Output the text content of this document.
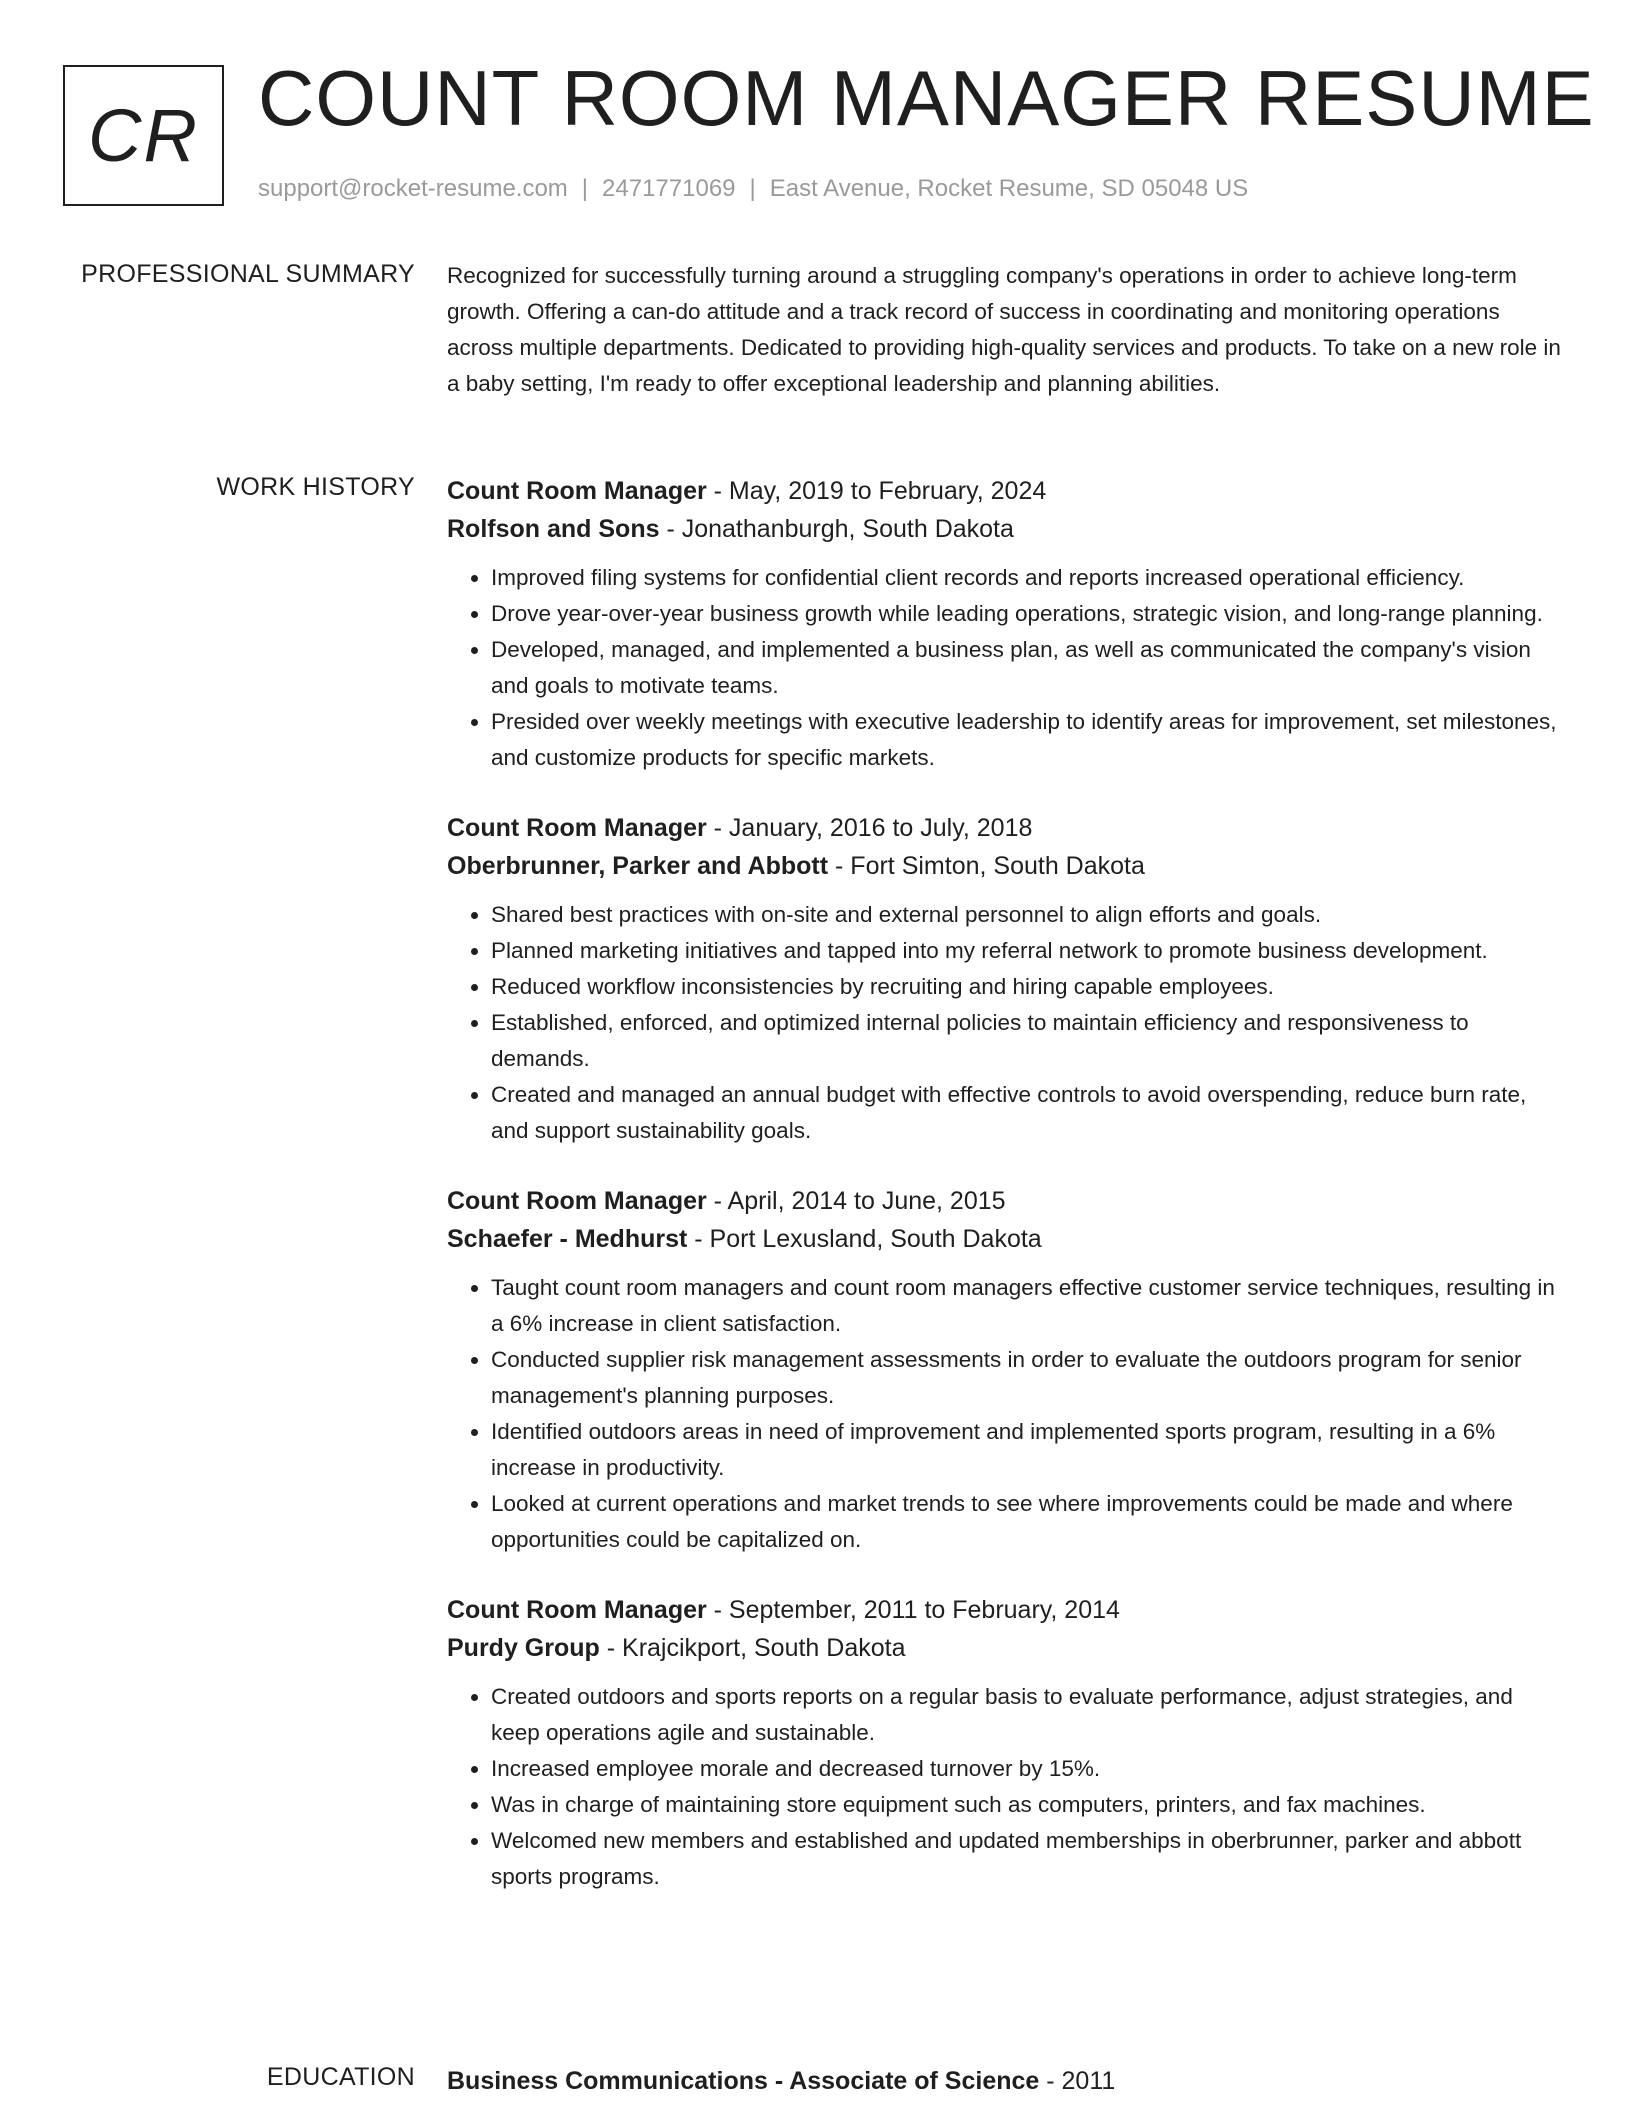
CR COUNT ROOM MANAGER RESUME
support@rocket-resume.com | 2471771069 | East Avenue, Rocket Resume, SD 05048 US
PROFESSIONAL SUMMARY Recognized for successfully turning around a struggling company's operations in order to achieve long-term growth. Offering a can-do attitude and a track record of success in coordinating and monitoring operations across multiple departments. Dedicated to providing high-quality services and products. To take on a new role in a baby setting, I'm ready to offer exceptional leadership and planning abilities.

WORK HISTORY Count Room Manager - May, 2019 to February, 2024
Rolfson and Sons - Jonathanburgh, South Dakota
• Improved filing systems for confidential client records and reports increased operational efficiency.
• Drove year-over-year business growth while leading operations, strategic vision, and long-range planning.
• Developed, managed, and implemented a business plan, as well as communicated the company's vision and goals to motivate teams.
• Presided over weekly meetings with executive leadership to identify areas for improvement, set milestones, and customize products for specific markets.
Count Room Manager - January, 2016 to July, 2018
Oberbrunner, Parker and Abbott - Fort Simton, South Dakota
• Shared best practices with on-site and external personnel to align efforts and goals.
• Planned marketing initiatives and tapped into my referral network to promote business development.
• Reduced workflow inconsistencies by recruiting and hiring capable employees.
• Established, enforced, and optimized internal policies to maintain efficiency and responsiveness to demands.
• Created and managed an annual budget with effective controls to avoid overspending, reduce burn rate, and support sustainability goals.
Count Room Manager - April, 2014 to June, 2015
Schaefer - Medhurst - Port Lexusland, South Dakota
• Taught count room managers and count room managers effective customer service techniques, resulting in a 6% increase in client satisfaction.
• Conducted supplier risk management assessments in order to evaluate the outdoors program for senior management's planning purposes.
• Identified outdoors areas in need of improvement and implemented sports program, resulting in a 6% increase in productivity.
• Looked at current operations and market trends to see where improvements could be made and where opportunities could be capitalized on.
Count Room Manager - September, 2011 to February, 2014
Purdy Group - Krajcikport, South Dakota
• Created outdoors and sports reports on a regular basis to evaluate performance, adjust strategies, and keep operations agile and sustainable.
• Increased employee morale and decreased turnover by 15%.
• Was in charge of maintaining store equipment such as computers, printers, and fax machines.
• Welcomed new members and established and updated memberships in oberbrunner, parker and abbott sports programs.
EDUCATION Business Communications - Associate of Science - 2011
